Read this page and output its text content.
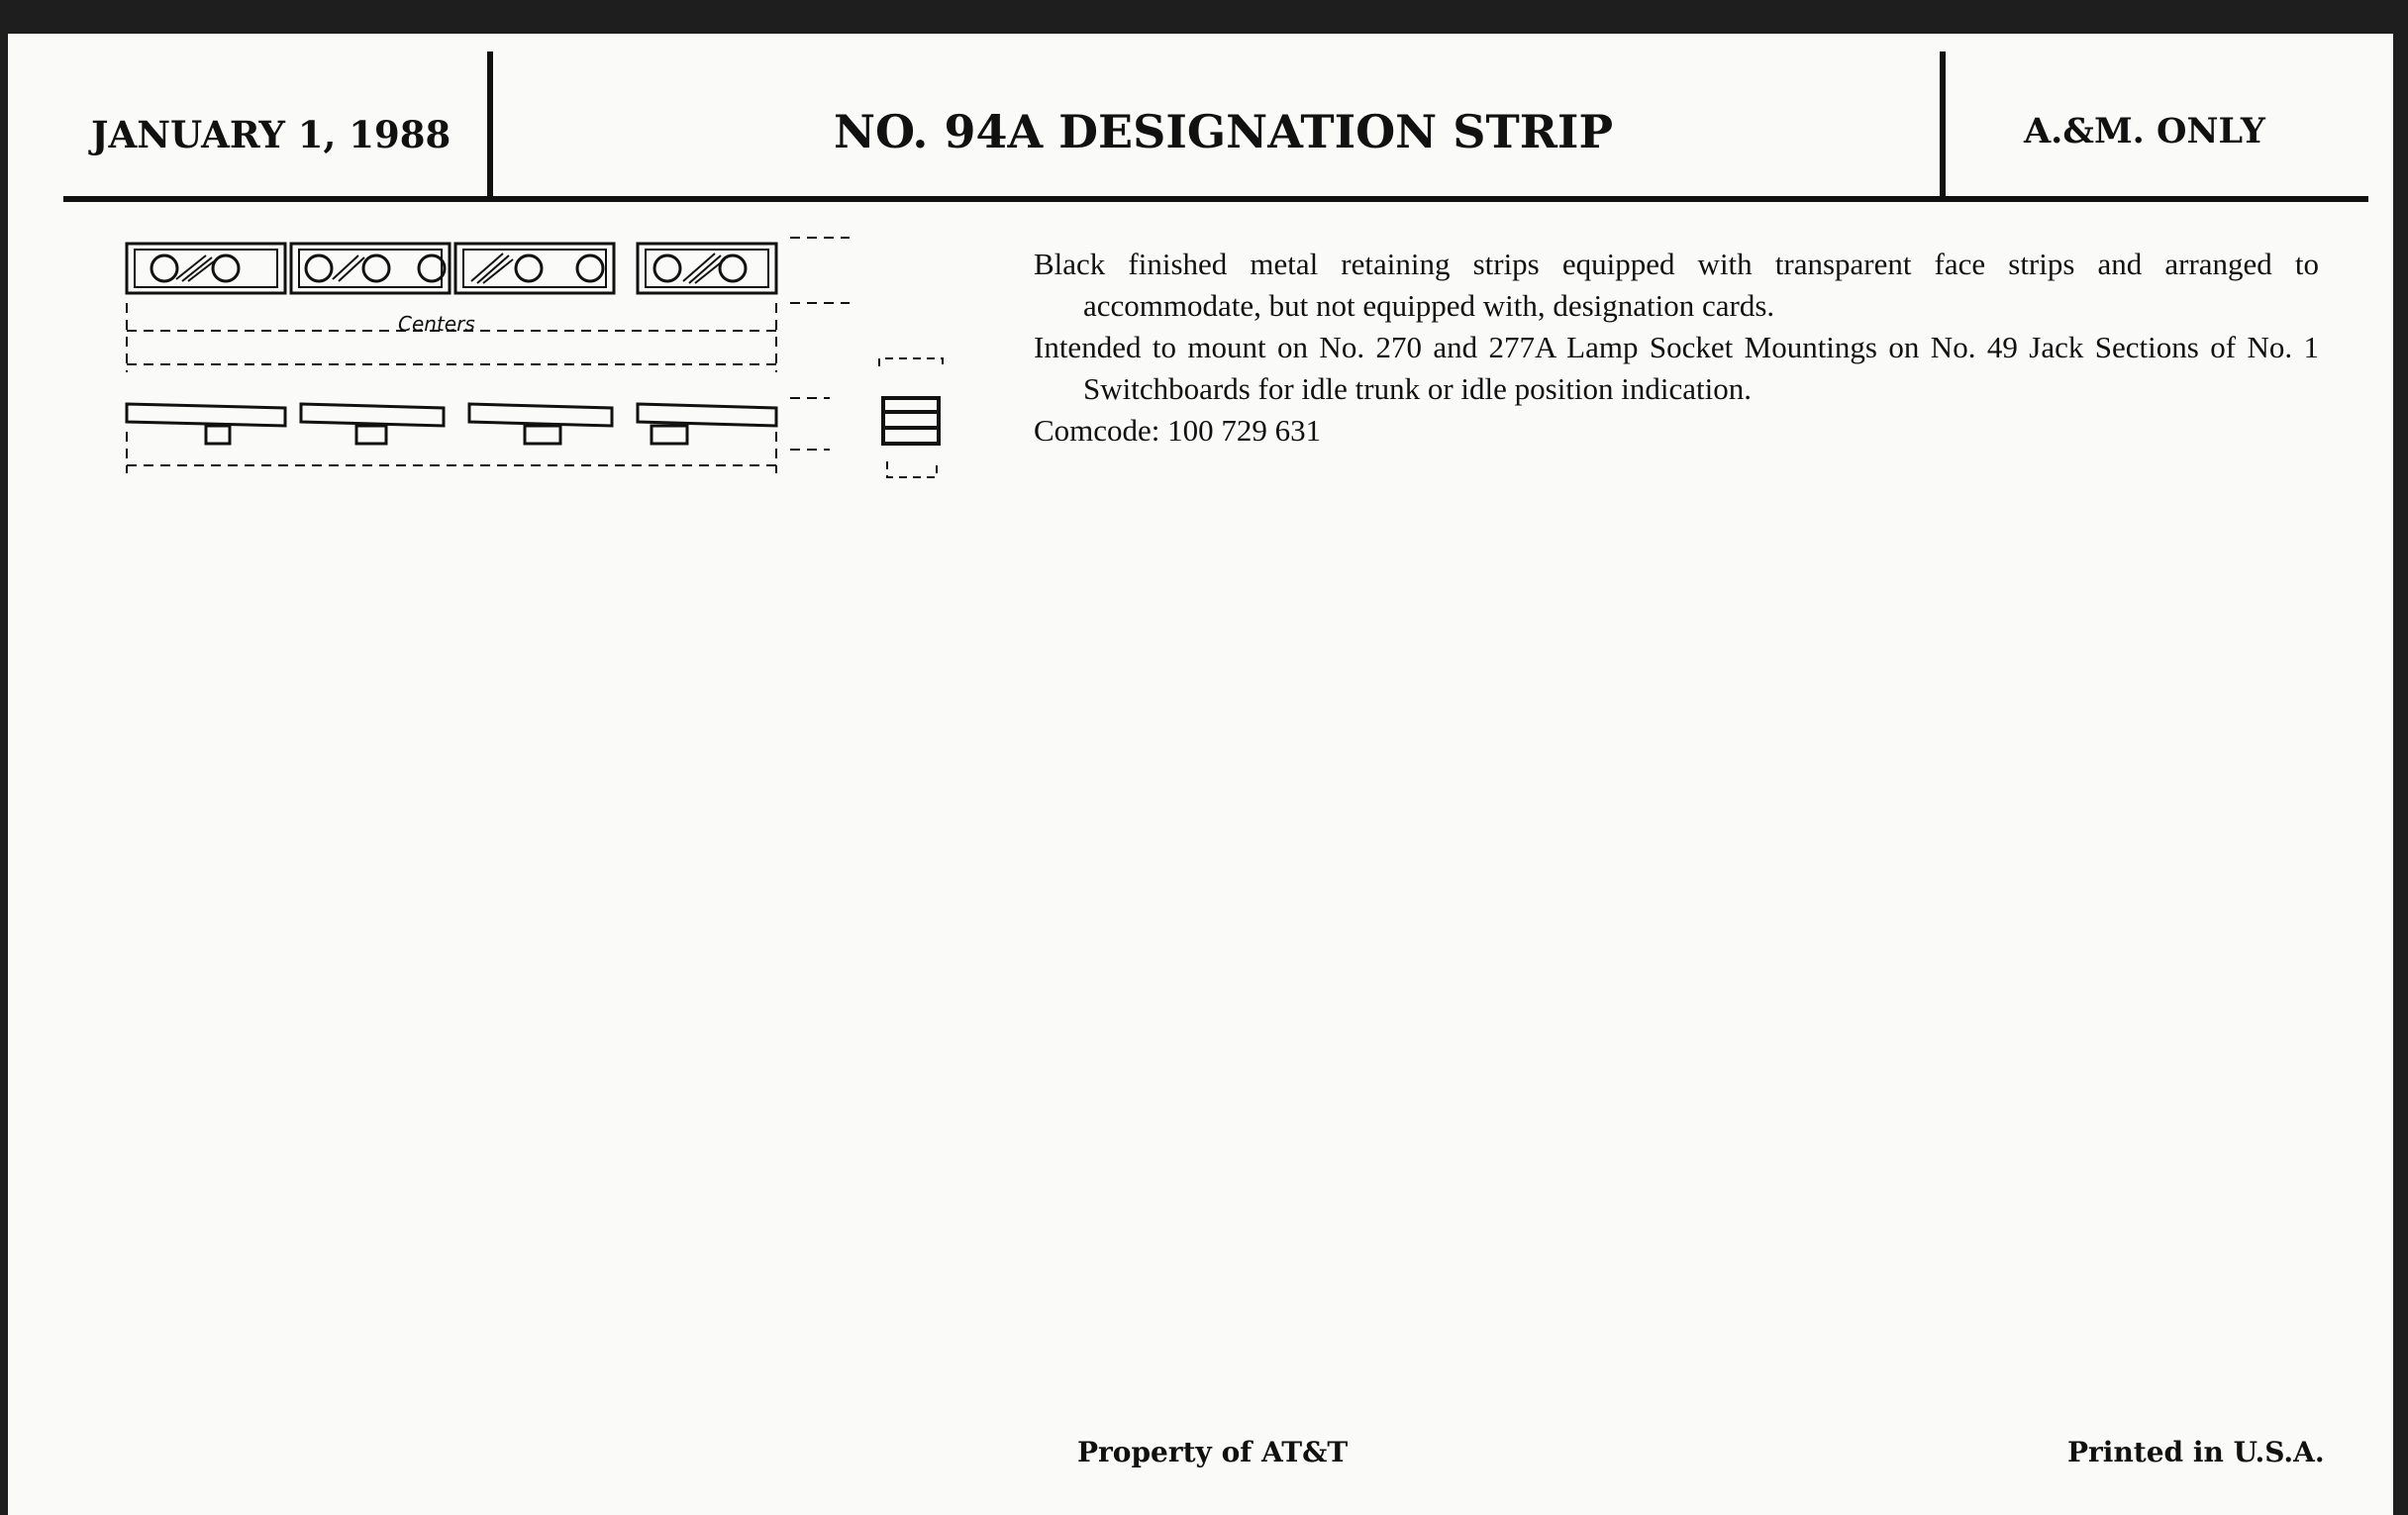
JANUARY 1, 1988	NO. 94A DESIGNATION STRIP	A.&M. ONLY

Black finished metal retaining strips equipped with transparent face strips and arranged to accommodate, but not equipped with, designation cards.

Intended to mount on No. 270 and 277A Lamp Socket Mountings on No. 49 Jack Sections of No. 1 Switchboards for idle trunk or idle position indication.

Comcode: 100 729 631

Property of AT&T	Printed in U.S.A.
Centers
